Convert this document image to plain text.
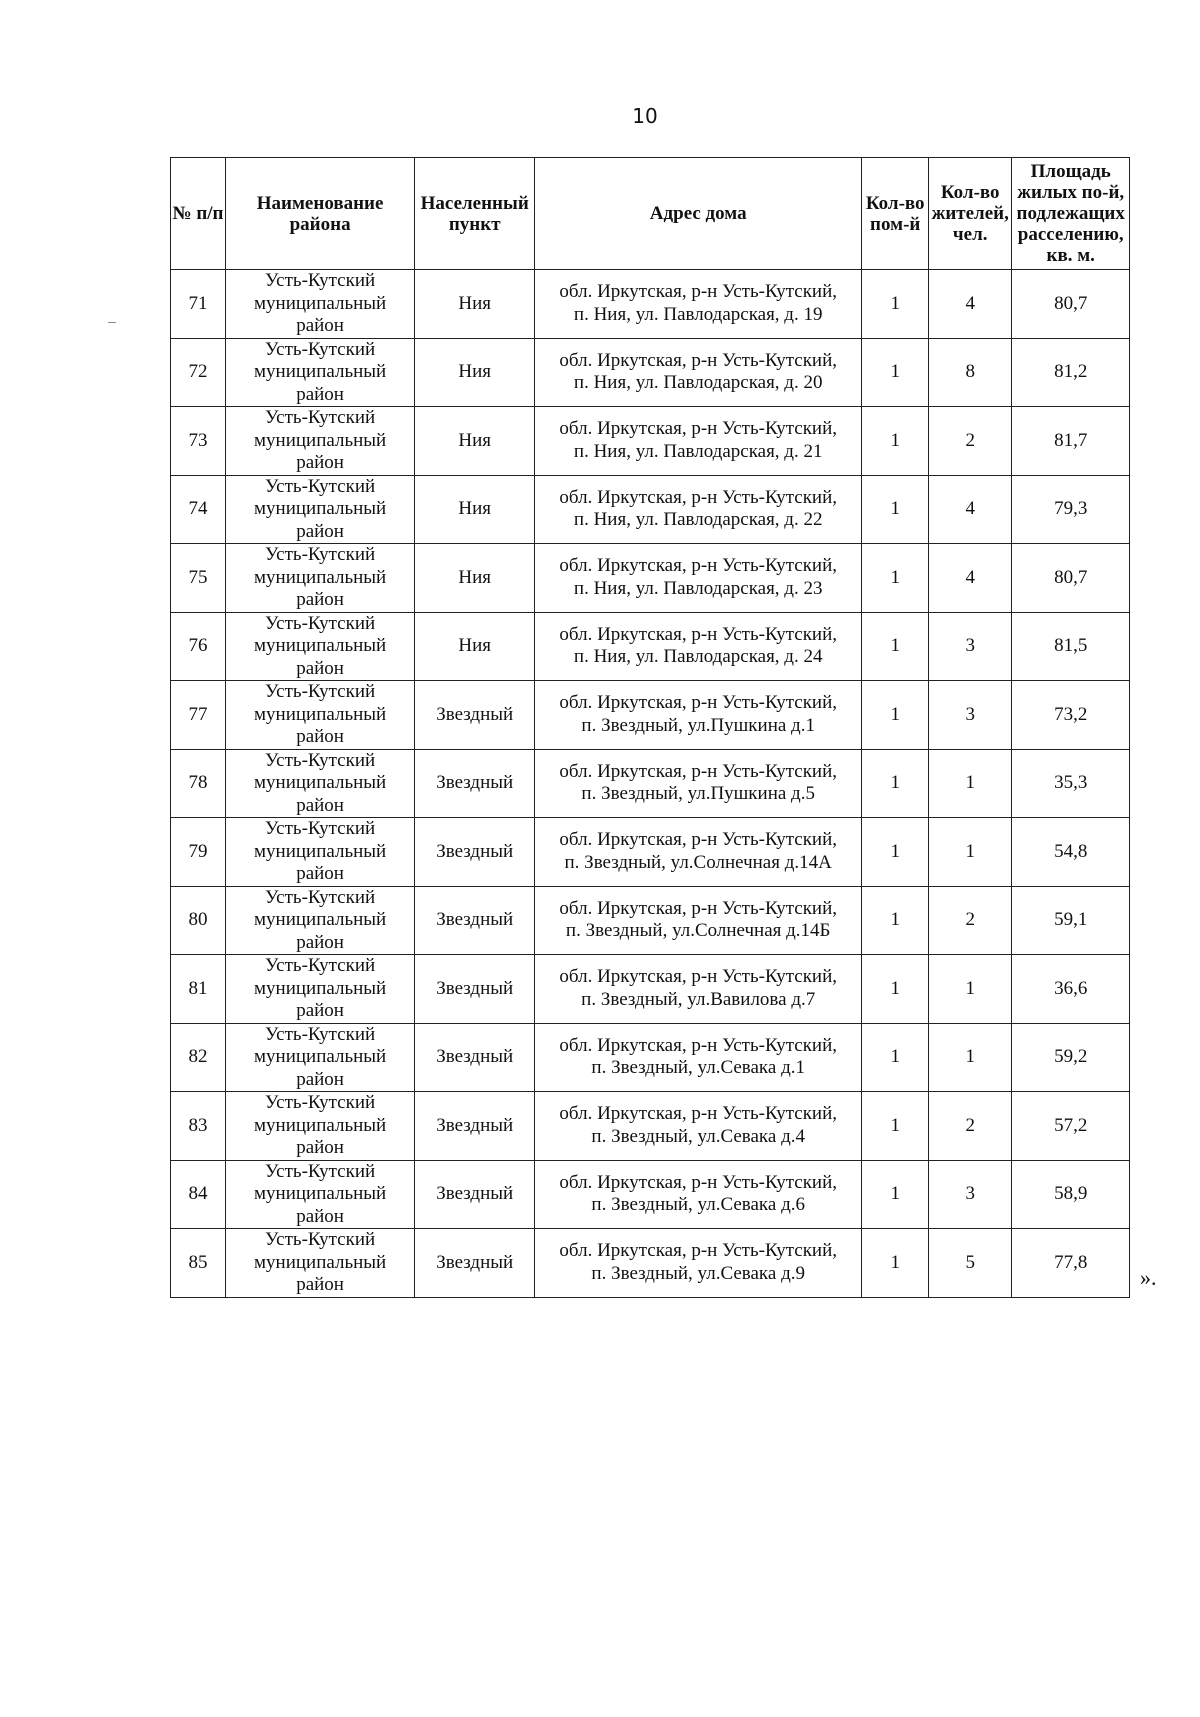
10
№ п/п	Наименование района	Населенный пункт	Адрес дома	Кол-во пом-й	Кол-во жителей, чел.	Площадь жилых по-й, подлежащих расселению, кв. м.
71	Усть-Кутский муниципальный район	Ния	обл. Иркутская, р-н Усть-Кутский,
п. Ния, ул. Павлодарская, д. 19	1	4	80,7
72	Усть-Кутский муниципальный район	Ния	обл. Иркутская, р-н Усть-Кутский,
п. Ния, ул. Павлодарская, д. 20	1	8	81,2
73	Усть-Кутский муниципальный район	Ния	обл. Иркутская, р-н Усть-Кутский,
п. Ния, ул. Павлодарская, д. 21	1	2	81,7
74	Усть-Кутский муниципальный район	Ния	обл. Иркутская, р-н Усть-Кутский,
п. Ния, ул. Павлодарская, д. 22	1	4	79,3
75	Усть-Кутский муниципальный район	Ния	обл. Иркутская, р-н Усть-Кутский,
п. Ния, ул. Павлодарская, д. 23	1	4	80,7
76	Усть-Кутский муниципальный район	Ния	обл. Иркутская, р-н Усть-Кутский,
п. Ния, ул. Павлодарская, д. 24	1	3	81,5
77	Усть-Кутский муниципальный район	Звездный	обл. Иркутская, р-н Усть-Кутский,
п. Звездный, ул.Пушкина д.1	1	3	73,2
78	Усть-Кутский муниципальный район	Звездный	обл. Иркутская, р-н Усть-Кутский,
п. Звездный, ул.Пушкина д.5	1	1	35,3
79	Усть-Кутский муниципальный район	Звездный	обл. Иркутская, р-н Усть-Кутский,
п. Звездный, ул.Солнечная д.14А	1	1	54,8
80	Усть-Кутский муниципальный район	Звездный	обл. Иркутская, р-н Усть-Кутский,
п. Звездный, ул.Солнечная д.14Б	1	2	59,1
81	Усть-Кутский муниципальный район	Звездный	обл. Иркутская, р-н Усть-Кутский,
п. Звездный, ул.Вавилова д.7	1	1	36,6
82	Усть-Кутский муниципальный район	Звездный	обл. Иркутская, р-н Усть-Кутский,
п. Звездный, ул.Севака д.1	1	1	59,2
83	Усть-Кутский муниципальный район	Звездный	обл. Иркутская, р-н Усть-Кутский,
п. Звездный, ул.Севака д.4	1	2	57,2
84	Усть-Кутский муниципальный район	Звездный	обл. Иркутская, р-н Усть-Кутский,
п. Звездный, ул.Севака д.6	1	3	58,9
85	Усть-Кутский муниципальный район	Звездный	обл. Иркутская, р-н Усть-Кутский,
п. Звездный, ул.Севака д.9	1	5	77,8
».
